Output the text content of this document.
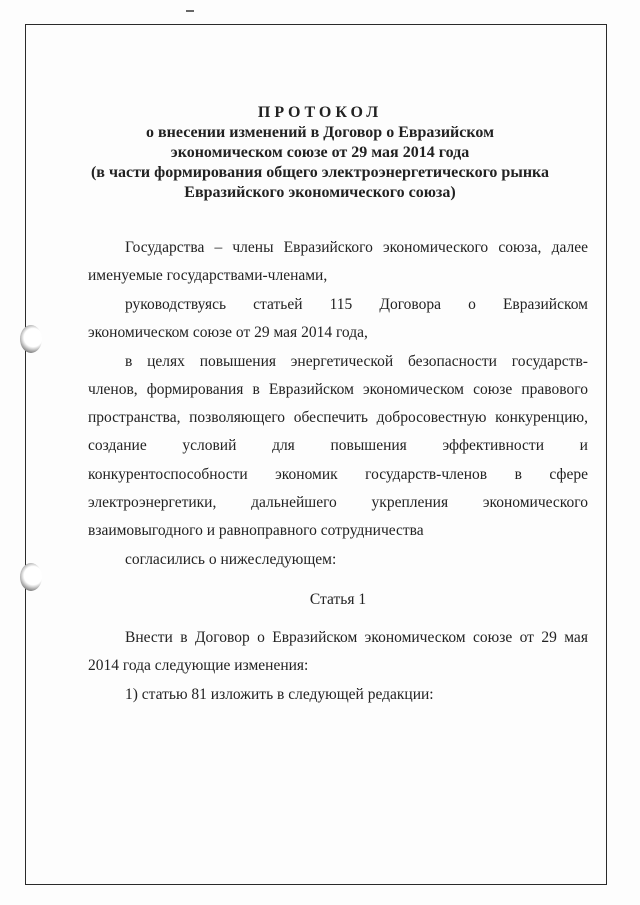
ПРОТОКОЛ

о внесении изменений в Договор о Евразийском

экономическом союзе от 29 мая 2014 года

(в части формирования общего электроэнергетического рынка

Евразийского экономического союза)

Государства – члены Евразийского экономического союза, далее

именуемые государствами-членами,

руководствуясь статьей 115 Договора о Евразийском

экономическом союзе от 29 мая 2014 года,

в целях повышения энергетической безопасности государств-
членов, формирования в Евразийском экономическом союзе правового
пространства, позволяющего обеспечить добросовестную конкуренцию,
создание условий для повышения эффективности и
конкурентоспособности экономик государств-членов в сфере
электроэнергетики, дальнейшего укрепления экономического

взаимовыгодного и равноправного сотрудничества

согласились о нижеследующем:

Статья 1

Внести в Договор о Евразийском экономическом союзе от 29 мая

2014 года следующие изменения:

1) статью 81 изложить в следующей редакции:
